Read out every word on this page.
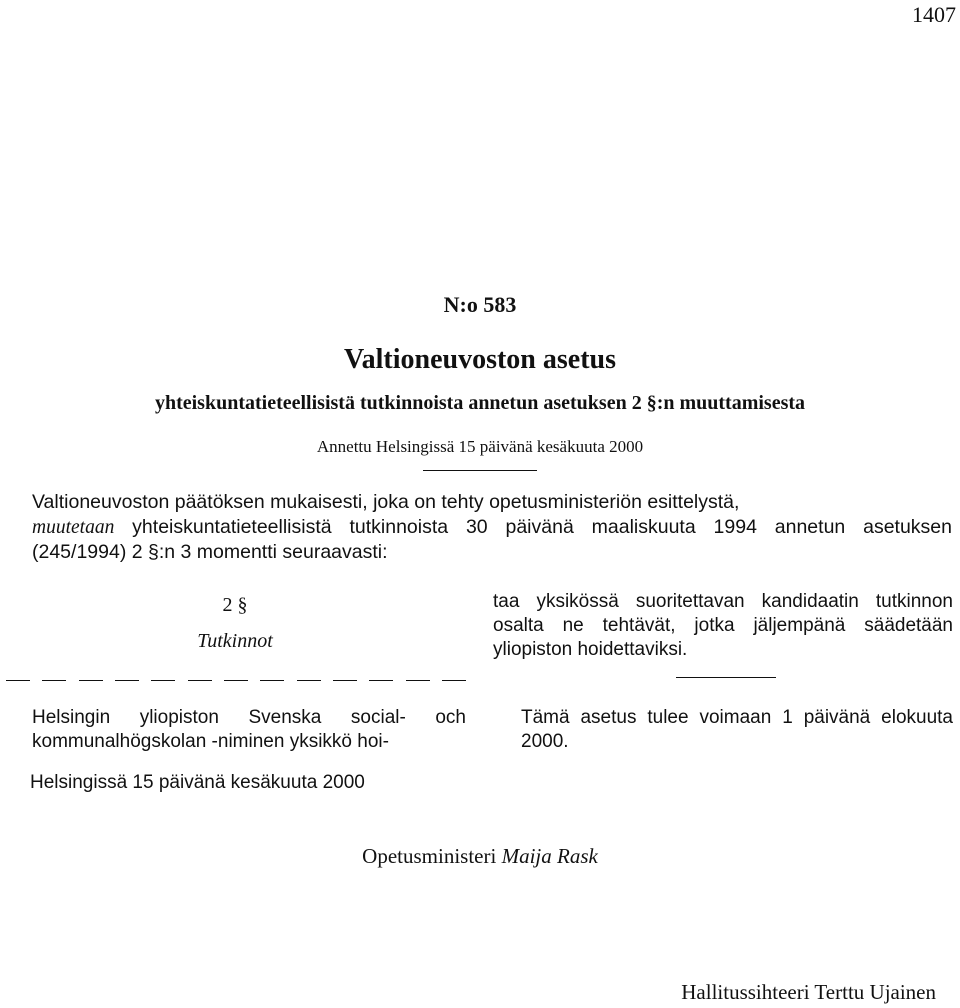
1407
N:o 583
Valtioneuvoston asetus
yhteiskuntatieteellisistä tutkinnoista annetun asetuksen 2 §:n muuttamisesta
Annettu Helsingissä 15 päivänä kesäkuuta 2000
Valtioneuvoston päätöksen mukaisesti, joka on tehty opetusministeriön esittelystä,
muutetaan yhteiskuntatieteellisistä tutkinnoista 30 päivänä maaliskuuta 1994 annetun asetuksen (245/1994) 2 §:n 3 momentti seuraavasti:
2 §
Tutkinnot
Helsingin yliopiston Svenska social- och kommunalhögskolan -niminen yksikkö hoi-
taa yksikössä suoritettavan kandidaatin tutkinnon osalta ne tehtävät, jotka jäljempänä säädetään yliopiston hoidettaviksi.
Tämä asetus tulee voimaan 1 päivänä elokuuta 2000.
Helsingissä 15 päivänä kesäkuuta 2000
Opetusministeri Maija Rask
Hallitussihteeri Terttu Ujainen
